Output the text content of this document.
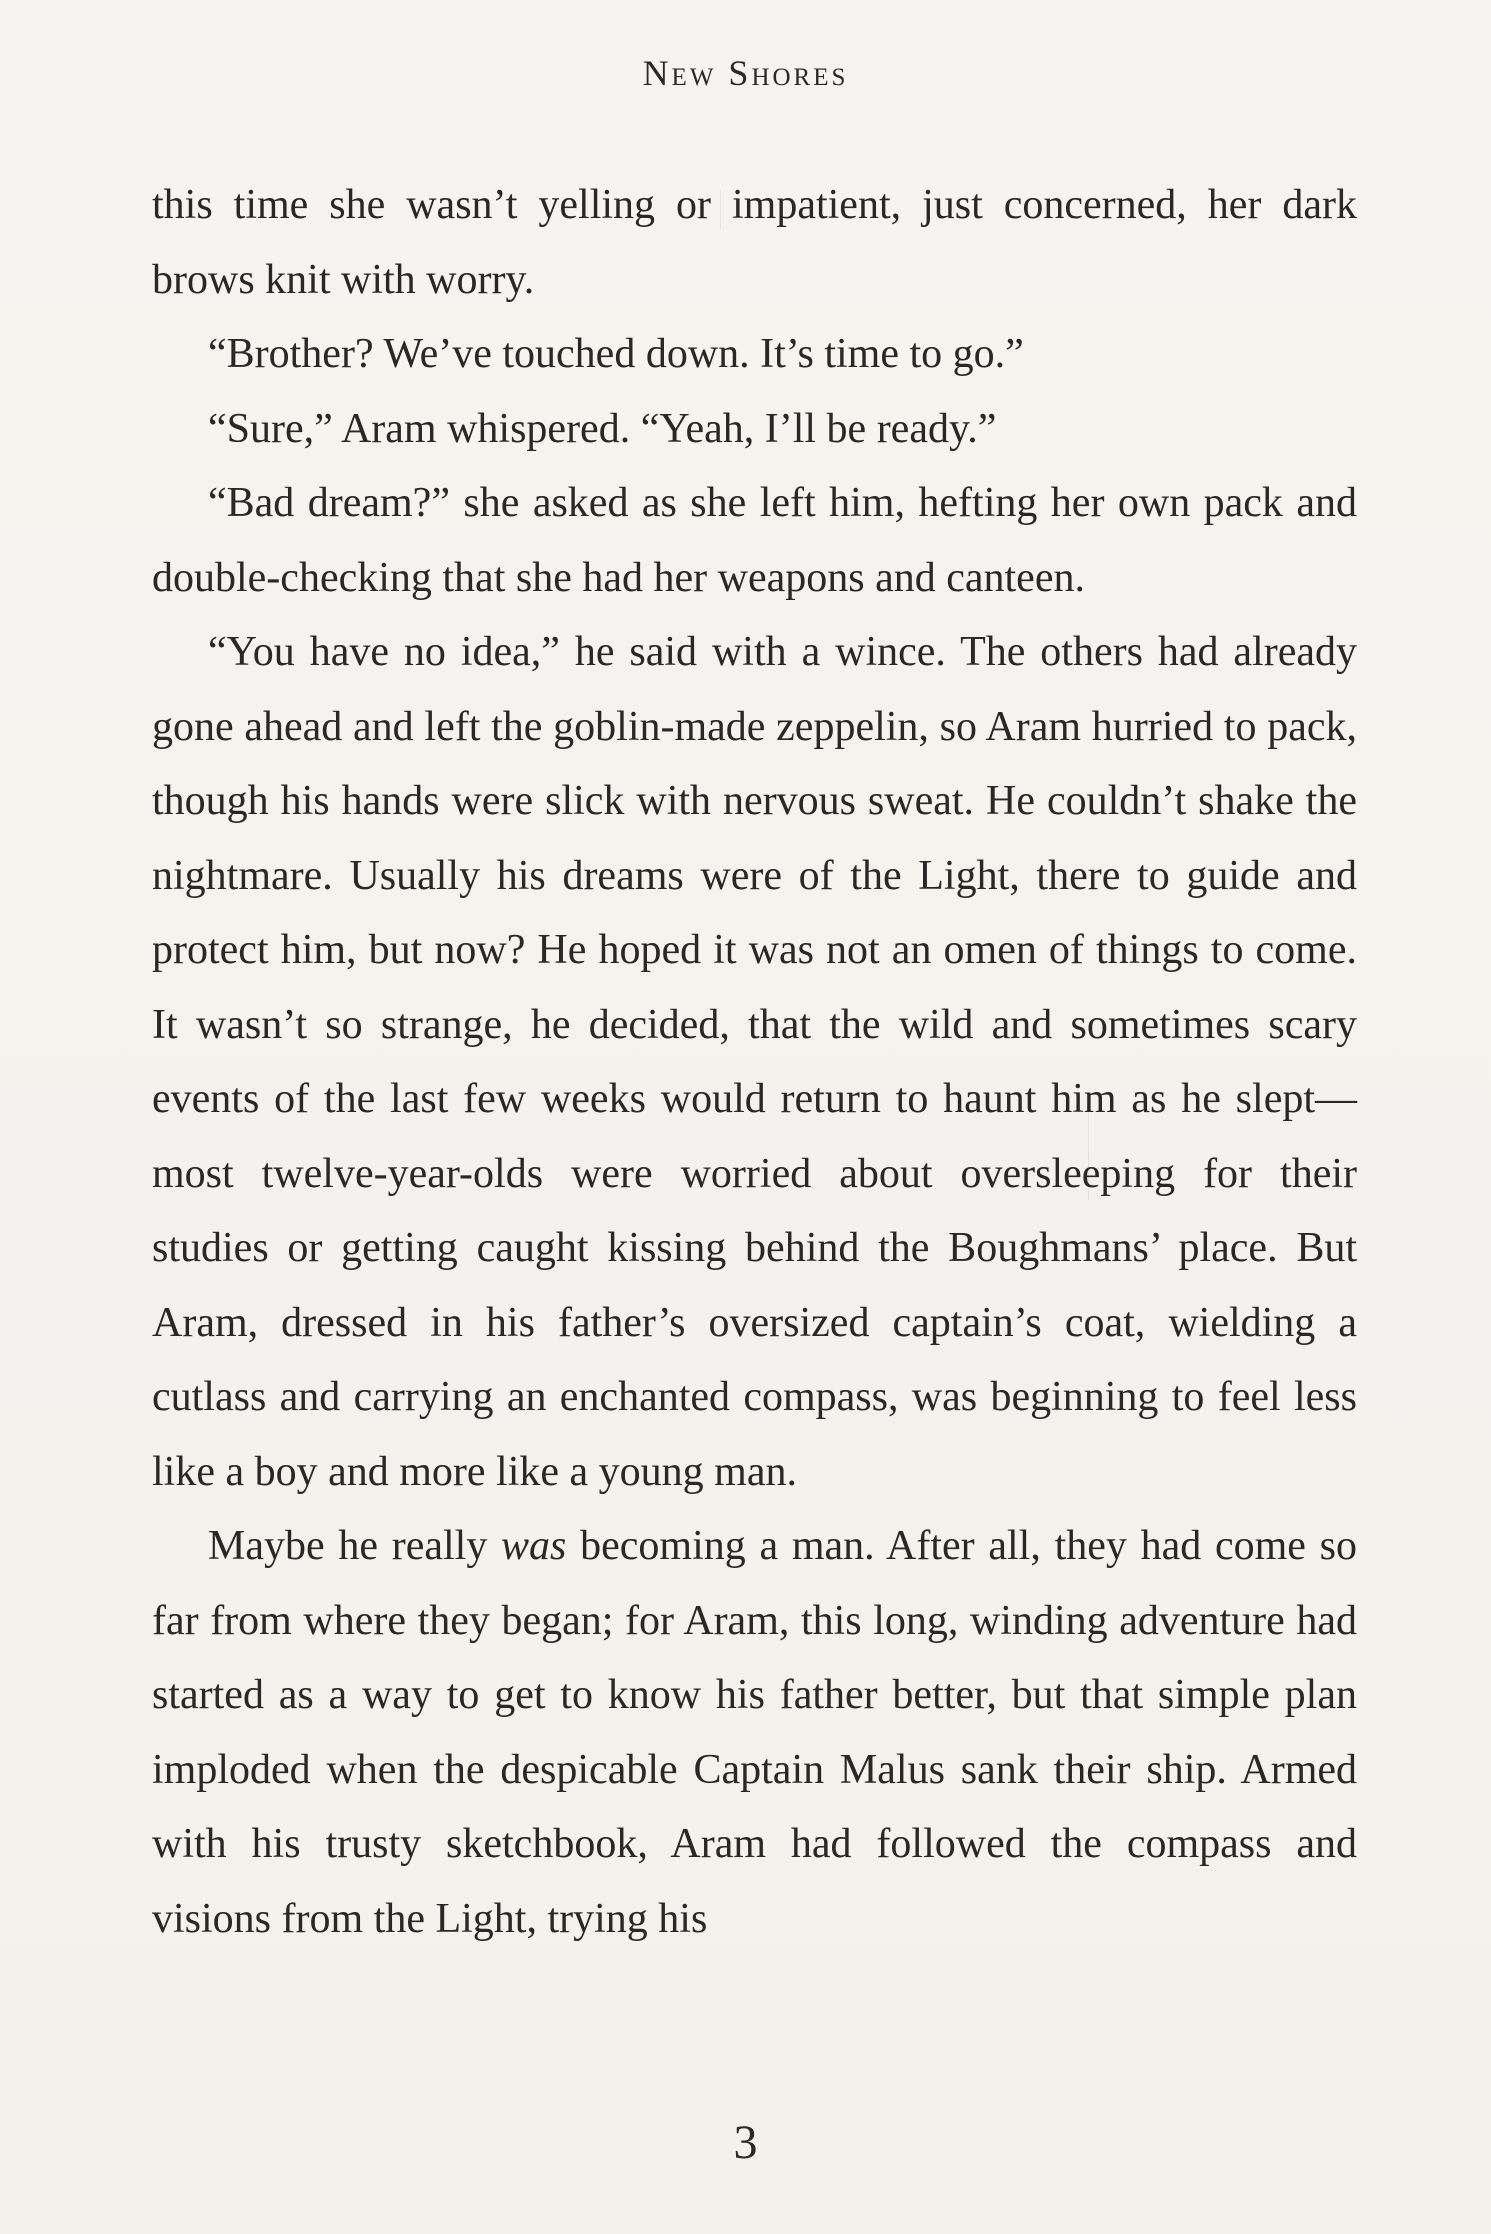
New Shores

this time she wasn’t yelling or impatient, just concerned, her dark brows knit with worry.

“Brother? We’ve touched down. It’s time to go.”

“Sure,” Aram whispered. “Yeah, I’ll be ready.”

“Bad dream?” she asked as she left him, hefting her own pack and double-checking that she had her weapons and canteen.

“You have no idea,” he said with a wince. The others had already gone ahead and left the goblin-made zeppelin, so Aram hurried to pack, though his hands were slick with nervous sweat. He couldn’t shake the nightmare. Usually his dreams were of the Light, there to guide and protect him, but now? He hoped it was not an omen of things to come. It wasn’t so strange, he decided, that the wild and sometimes scary events of the last few weeks would return to haunt him as he slept—most twelve-year-olds were worried about oversleeping for their studies or getting caught kissing behind the Boughmans’ place. But Aram, dressed in his father’s oversized captain’s coat, wielding a cutlass and carrying an enchanted compass, was beginning to feel less like a boy and more like a young man.

Maybe he really was becoming a man. After all, they had come so far from where they began; for Aram, this long, winding adventure had started as a way to get to know his father better, but that simple plan imploded when the despicable Captain Malus sank their ship. Armed with his trusty sketchbook, Aram had followed the compass and visions from the Light, trying his

3
